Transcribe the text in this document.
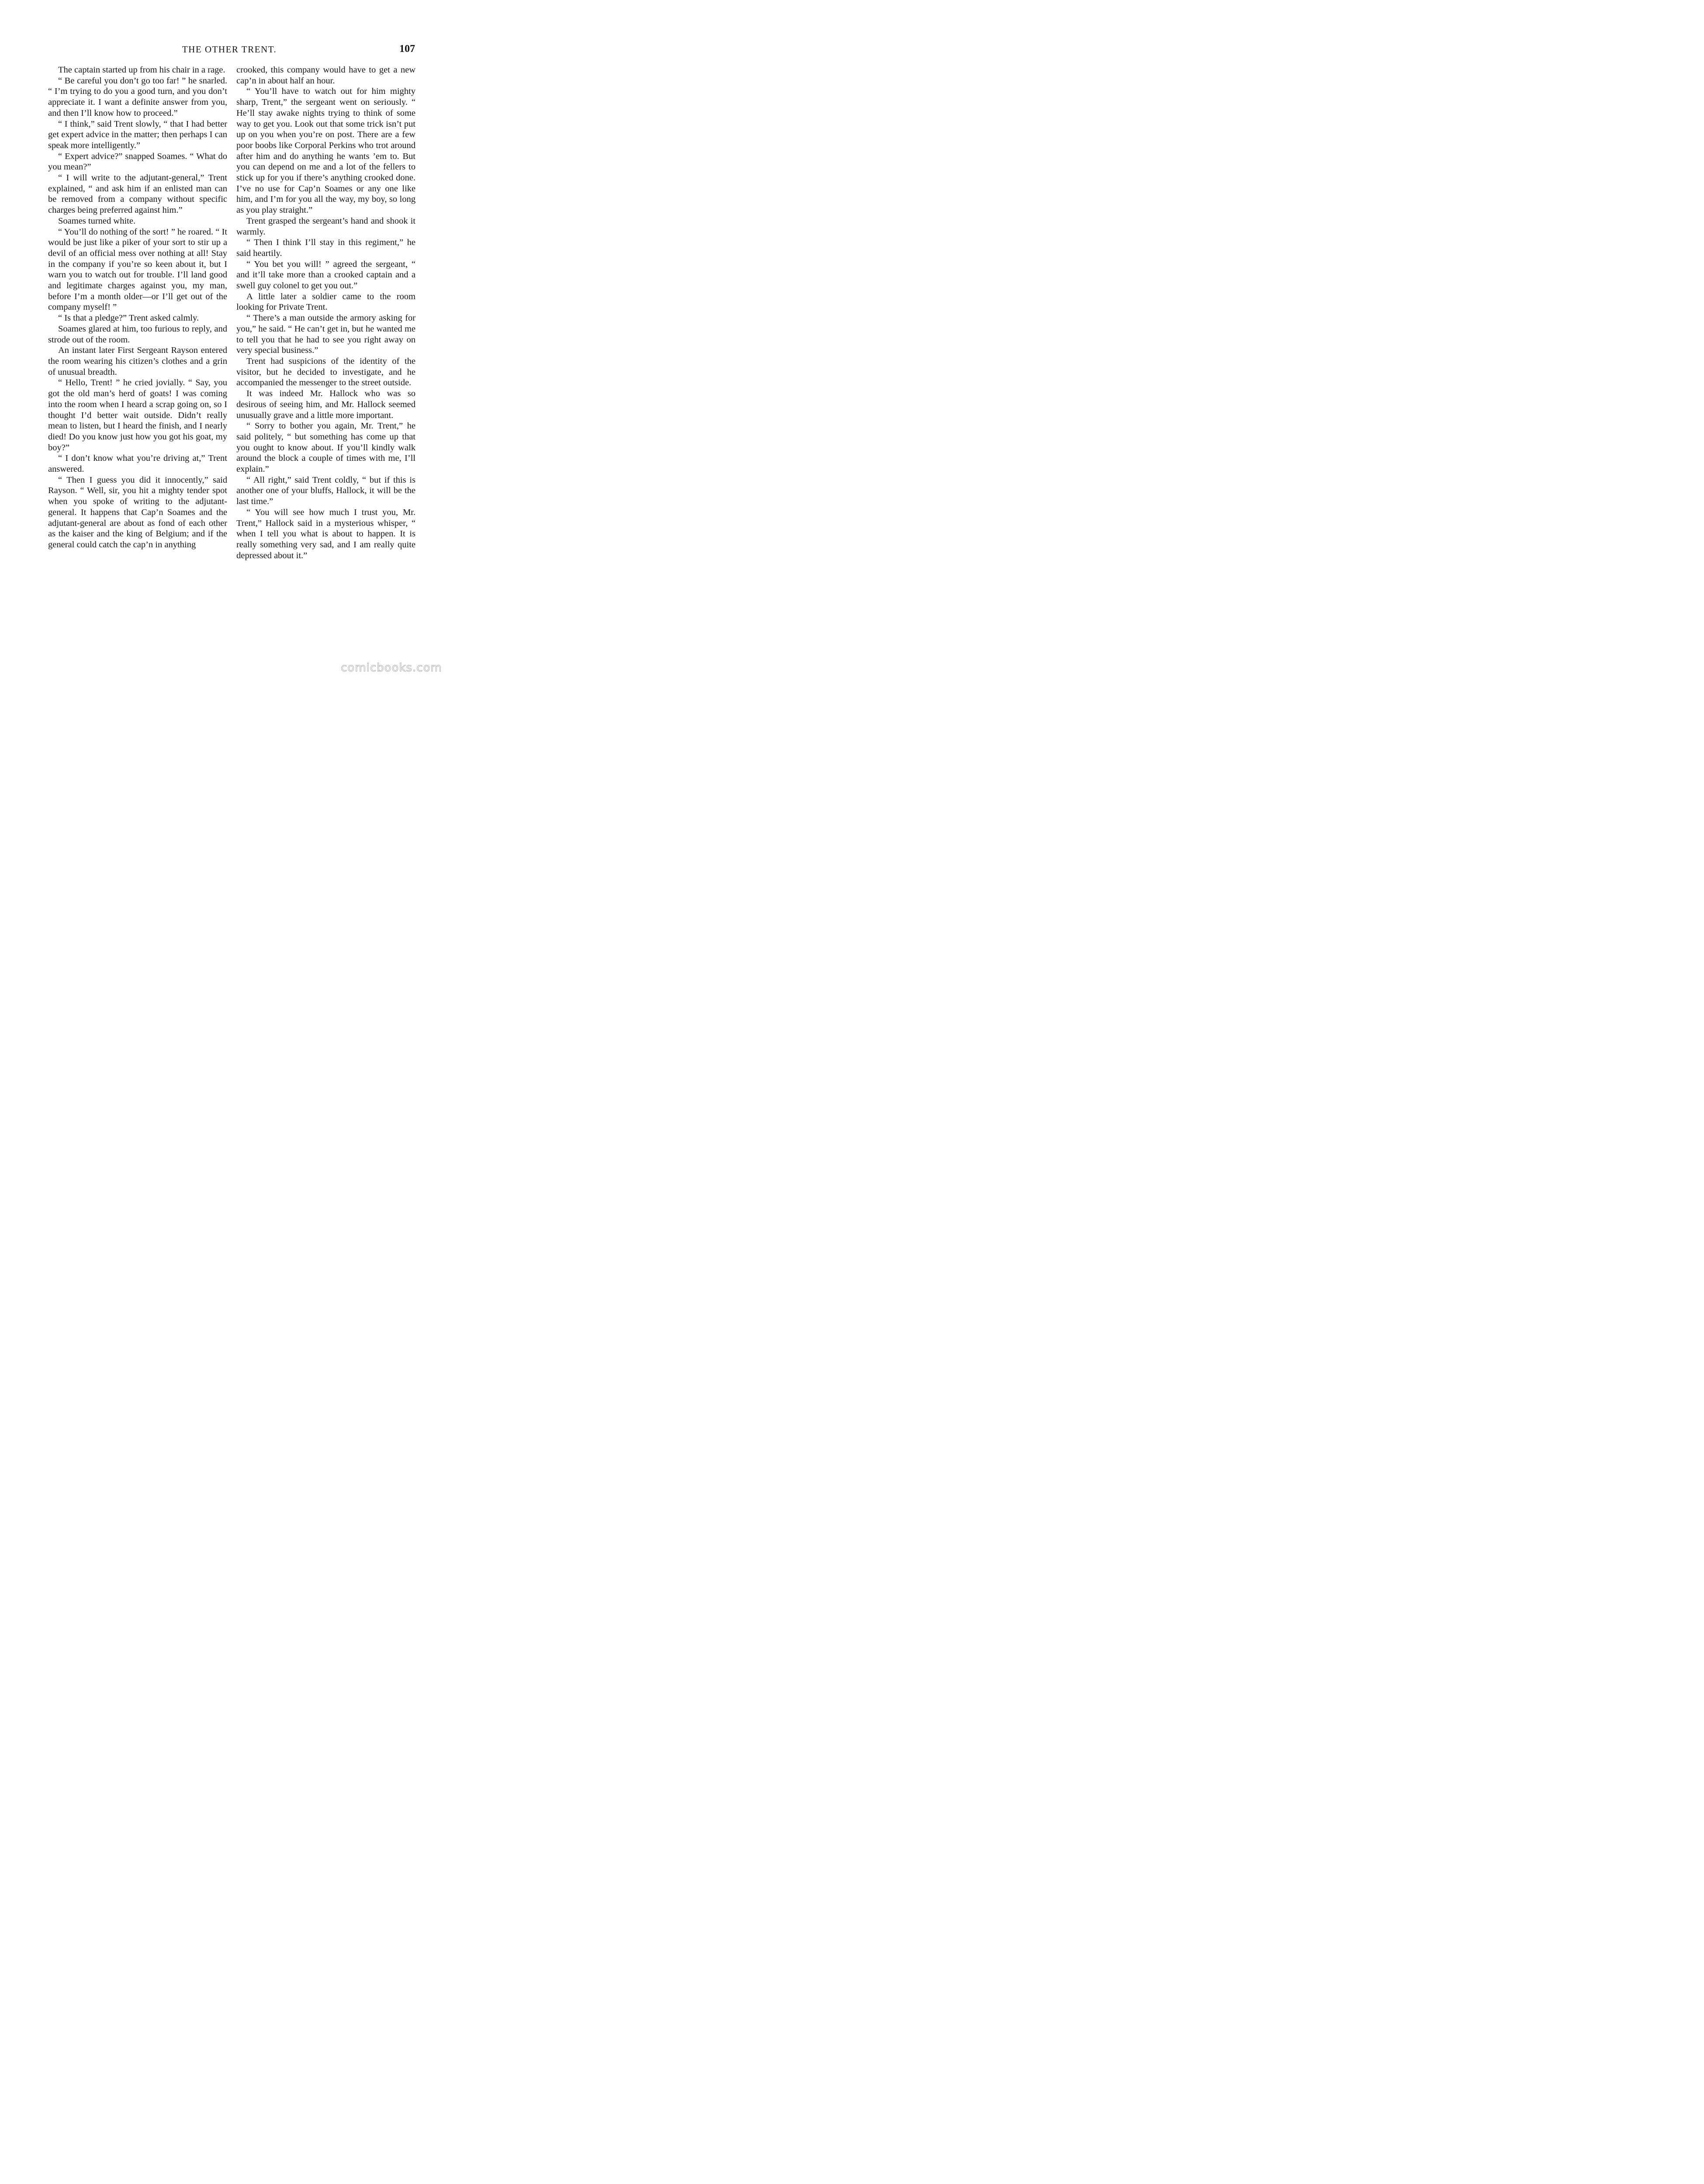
THE OTHER TRENT.	107

The captain started up from his chair in a rage.

“ Be careful you don’t go too far! ” he snarled. “ I’m trying to do you a good turn, and you don’t appreciate it. I want a definite answer from you, and then I’ll know how to proceed.”

“ I think,” said Trent slowly, “ that I had better get expert advice in the matter; then perhaps I can speak more intelligently.”

“ Expert advice?” snapped Soames. “ What do you mean?”

“ I will write to the adjutant-general,” Trent explained, “ and ask him if an enlisted man can be removed from a company without specific charges being preferred against him.”

Soames turned white.

“ You’ll do nothing of the sort! ” he roared. “ It would be just like a piker of your sort to stir up a devil of an official mess over nothing at all! Stay in the company if you’re so keen about it, but I warn you to watch out for trouble. I’ll land good and legitimate charges against you, my man, before I’m a month older—or I’ll get out of the company myself! ”

“ Is that a pledge?” Trent asked calmly.

Soames glared at him, too furious to reply, and strode out of the room.

An instant later First Sergeant Rayson entered the room wearing his citizen’s clothes and a grin of unusual breadth.

“ Hello, Trent! ” he cried jovially. “ Say, you got the old man’s herd of goats! I was coming into the room when I heard a scrap going on, so I thought I’d better wait outside. Didn’t really mean to listen, but I heard the finish, and I nearly died! Do you know just how you got his goat, my boy?”

“ I don’t know what you’re driving at,” Trent answered.

“ Then I guess you did it innocently,” said Rayson. “ Well, sir, you hit a mighty tender spot when you spoke of writing to the adjutant-general. It happens that Cap’n Soames and the adjutant-general are about as fond of each other as the kaiser and the king of Belgium; and if the general could catch the cap’n in anything

crooked, this company would have to get a new cap’n in about half an hour.

“ You’ll have to watch out for him mighty sharp, Trent,” the sergeant went on seriously. “ He’ll stay awake nights trying to think of some way to get you. Look out that some trick isn’t put up on you when you’re on post. There are a few poor boobs like Corporal Perkins who trot around after him and do anything he wants ’em to. But you can depend on me and a lot of the fellers to stick up for you if there’s anything crooked done. I’ve no use for Cap’n Soames or any one like him, and I’m for you all the way, my boy, so long as you play straight.”

Trent grasped the sergeant’s hand and shook it warmly.

“ Then I think I’ll stay in this regiment,” he said heartily.

“ You bet you will! ” agreed the sergeant, “ and it’ll take more than a crooked captain and a swell guy colonel to get you out.”

A little later a soldier came to the room looking for Private Trent.

“ There’s a man outside the armory asking for you,” he said. “ He can’t get in, but he wanted me to tell you that he had to see you right away on very special business.”

Trent had suspicions of the identity of the visitor, but he decided to investigate, and he accompanied the messenger to the street outside.

It was indeed Mr. Hallock who was so desirous of seeing him, and Mr. Hallock seemed unusually grave and a little more important.

“ Sorry to bother you again, Mr. Trent,” he said politely, “ but something has come up that you ought to know about. If you’ll kindly walk around the block a couple of times with me, I’ll explain.”

“ All right,” said Trent coldly, “ but if this is another one of your bluffs, Hallock, it will be the last time.”

“ You will see how much I trust you, Mr. Trent,” Hallock said in a mysterious whisper, “ when I tell you what is about to happen. It is really something very sad, and I am really quite depressed about it.”

comicbooks.com
